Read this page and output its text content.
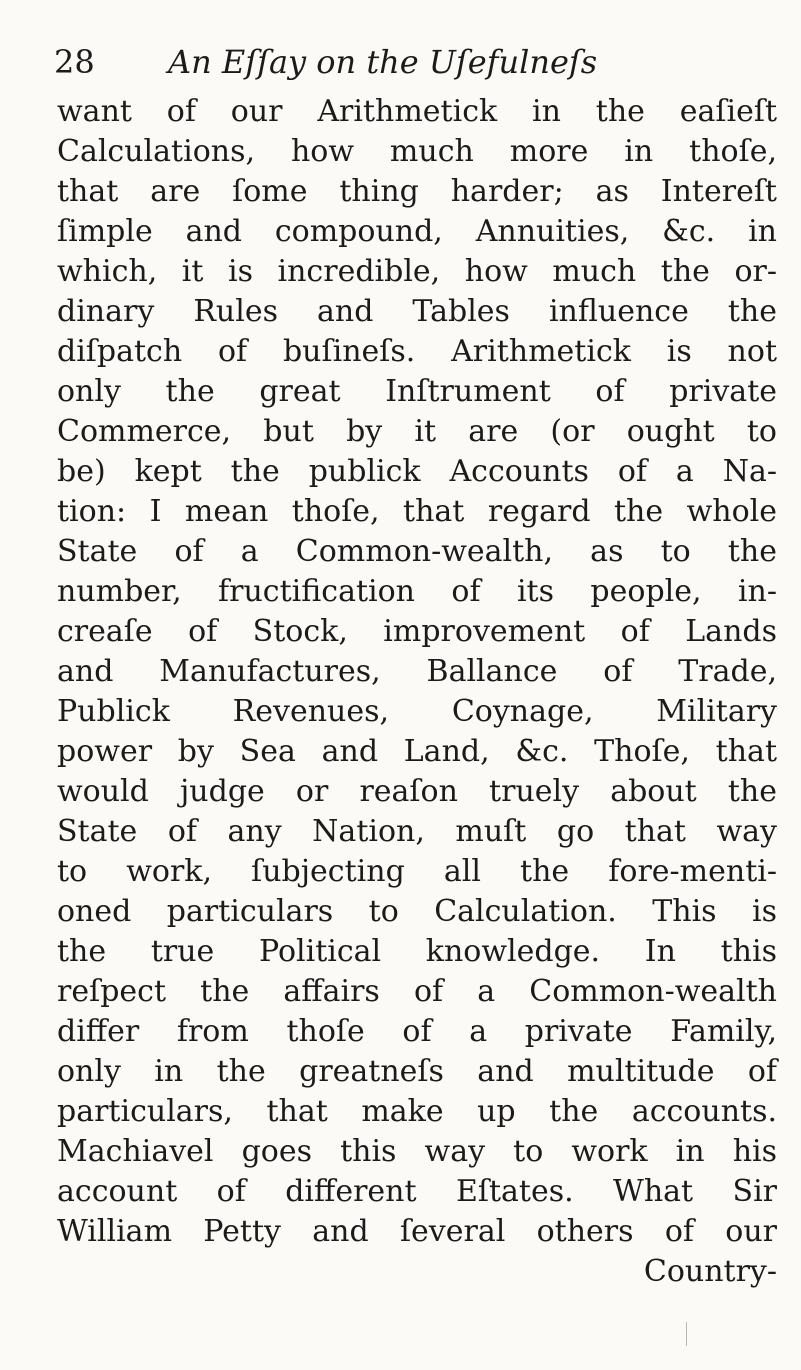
28 An Eſſay on the Uſefulneſs
want of our Arithmetick in the eaſieſt
Calculations, how much more in thoſe,
that are ſome thing harder; as Intereſt
ſimple and compound, Annuities, &c. in
which, it is incredible, how much the or-
dinary Rules and Tables influence the
diſpatch of buſineſs. Arithmetick is not
only the great Inſtrument of private
Commerce, but by it are (or ought to
be) kept the publick Accounts of a Na-
tion: I mean thoſe, that regard the whole
State of a Common-wealth, as to the
number, fructification of its people, in-
creaſe of Stock, improvement of Lands
and Manufactures, Ballance of Trade,
Publick Revenues, Coynage, Military
power by Sea and Land, &c. Thoſe, that
would judge or reaſon truely about the
State of any Nation, muſt go that way
to work, ſubjecting all the fore-menti-
oned particulars to Calculation. This is
the true Political knowledge. In this
reſpect the affairs of a Common-wealth
differ from thoſe of a private Family,
only in the greatneſs and multitude of
particulars, that make up the accounts.
Machiavel goes this way to work in his
account of different Eſtates. What Sir
William Petty and ſeveral others of our
Country-
